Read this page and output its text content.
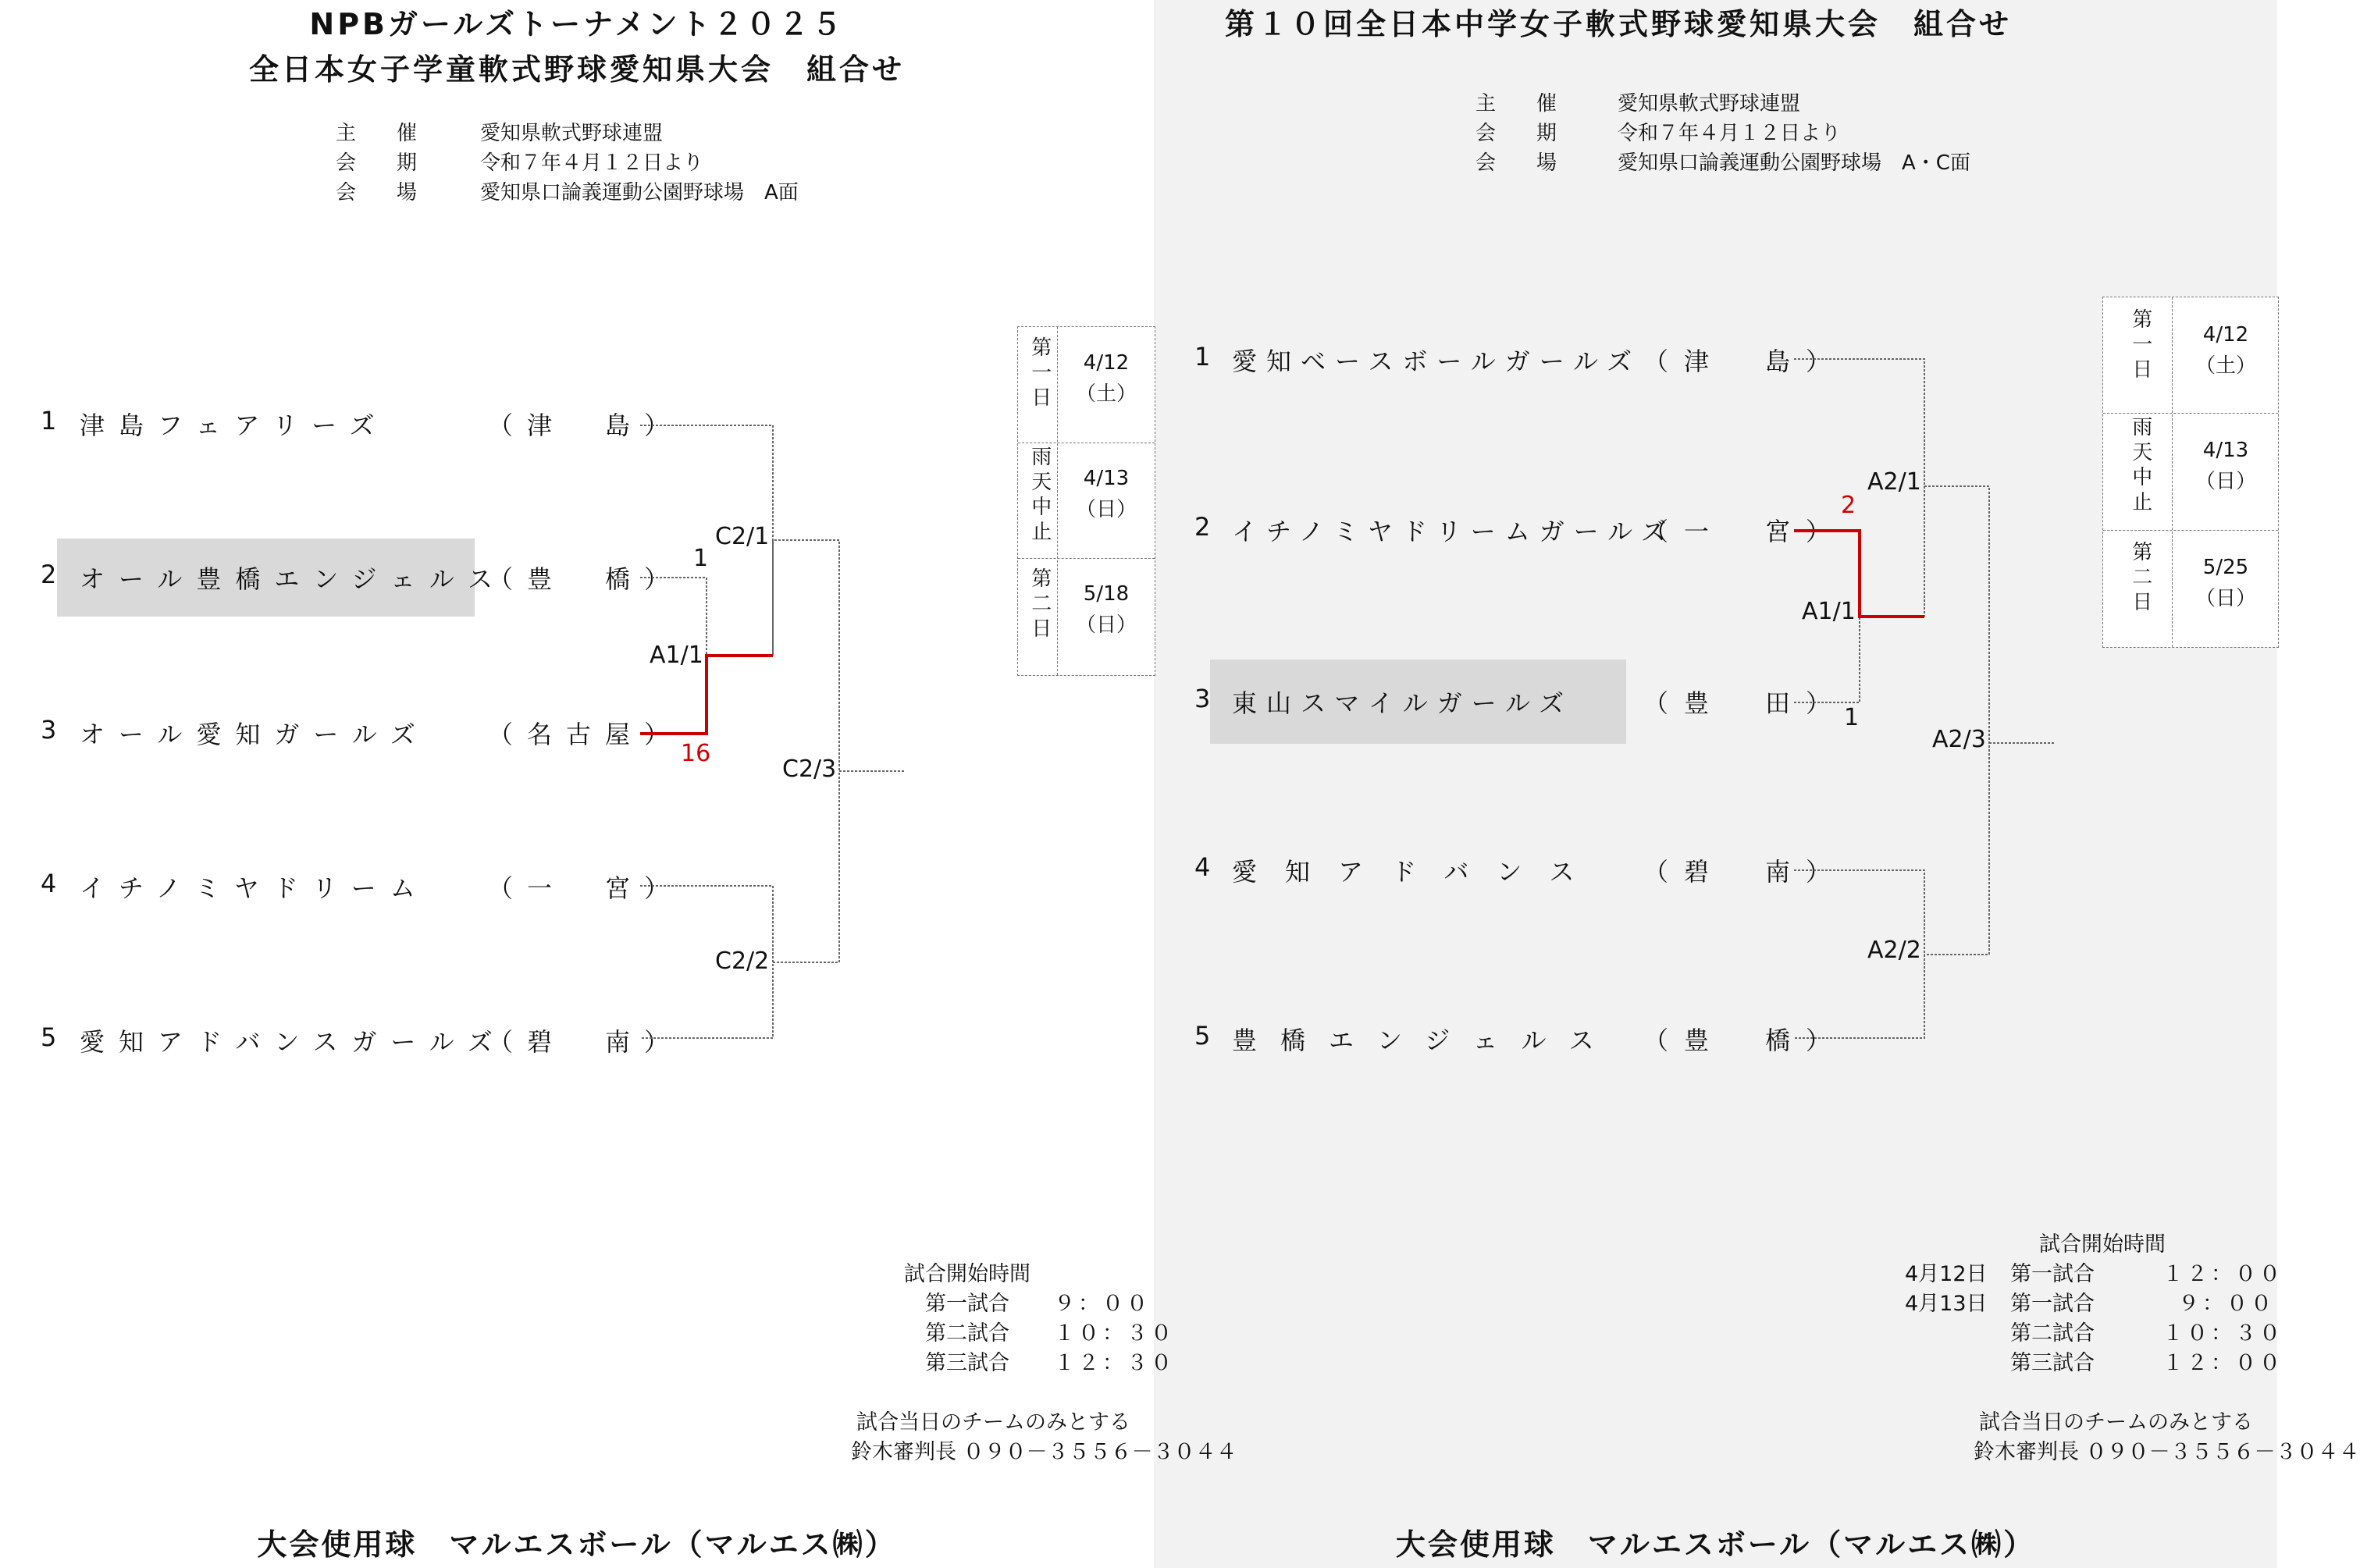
NPBガールズトーナメント２０２５
全日本女子学童軟式野球愛知県大会　組合せ
主　　催	愛知県軟式野球連盟
会　　期	令和７年４月１２日より
会　　場	愛知県口論義運動公園野球場　A面
1 津島フェアリーズ	（津　島）
2 オール豊橋エンジェルス
（豊　橋）
3 オール愛知ガールズ （名古屋）
4 イチノミヤドリーム （一　宮）
5 愛知アドバンスガールズ
（碧　南）
C2/1
A1/1
C2/3
C2/2
1
16
第一日	4/12
（土）
雨天中止	4/13
（日）
第二日	5/18
（日）
試合開始時間
第一試合 ９：００
第二試合 １０：３０
第三試合 １２：３０
試合当日のチームのみとする
鈴木審判長 ０９０－３５５６－３０４４
大会使用球　マルエスボール（マルエス㈱）
第１０回全日本中学女子軟式野球愛知県大会　組合せ
主　　催	愛知県軟式野球連盟
会　　期	令和７年４月１２日より
会　　場	愛知県口論義運動公園野球場　A・C面
1 愛知ベースボールガールズ （津　島）
2 イチノミヤドリームガールズ
（一　宮）
3 東山スマイルガールズ	（豊　田）
4 愛知アドバンス （碧　南）
5 豊橋エンジェルス （豊　橋）
A2/1
A1/1
A2/3
A2/2
2
1
第一日	4/12
（土）
雨天中止	4/13
（日）
第二日	5/25
（日）
試合開始時間
4月12日 第一試合	１２：００
4月13日 第一試合	９：００
第二試合	１０：３０
第三試合	１２：００
試合当日のチームのみとする
鈴木審判長 ０９０－３５５６－３０４４
大会使用球　マルエスボール（マルエス㈱）
